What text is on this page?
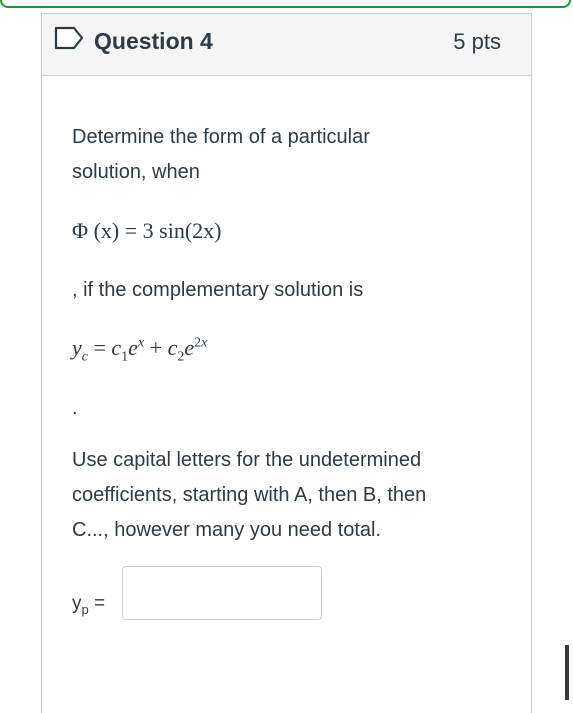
Question 4	5 pts
Determine the form of a particular
solution, when
Φ (x) = 3 sin(2x)
, if the complementary solution is
$y_c = c_1e^x + c_2e^{2x}$
.
Use capital letters for the undetermined
coefficients, starting with A, then B, then
C..., however many you need total.
$y_p$ =
